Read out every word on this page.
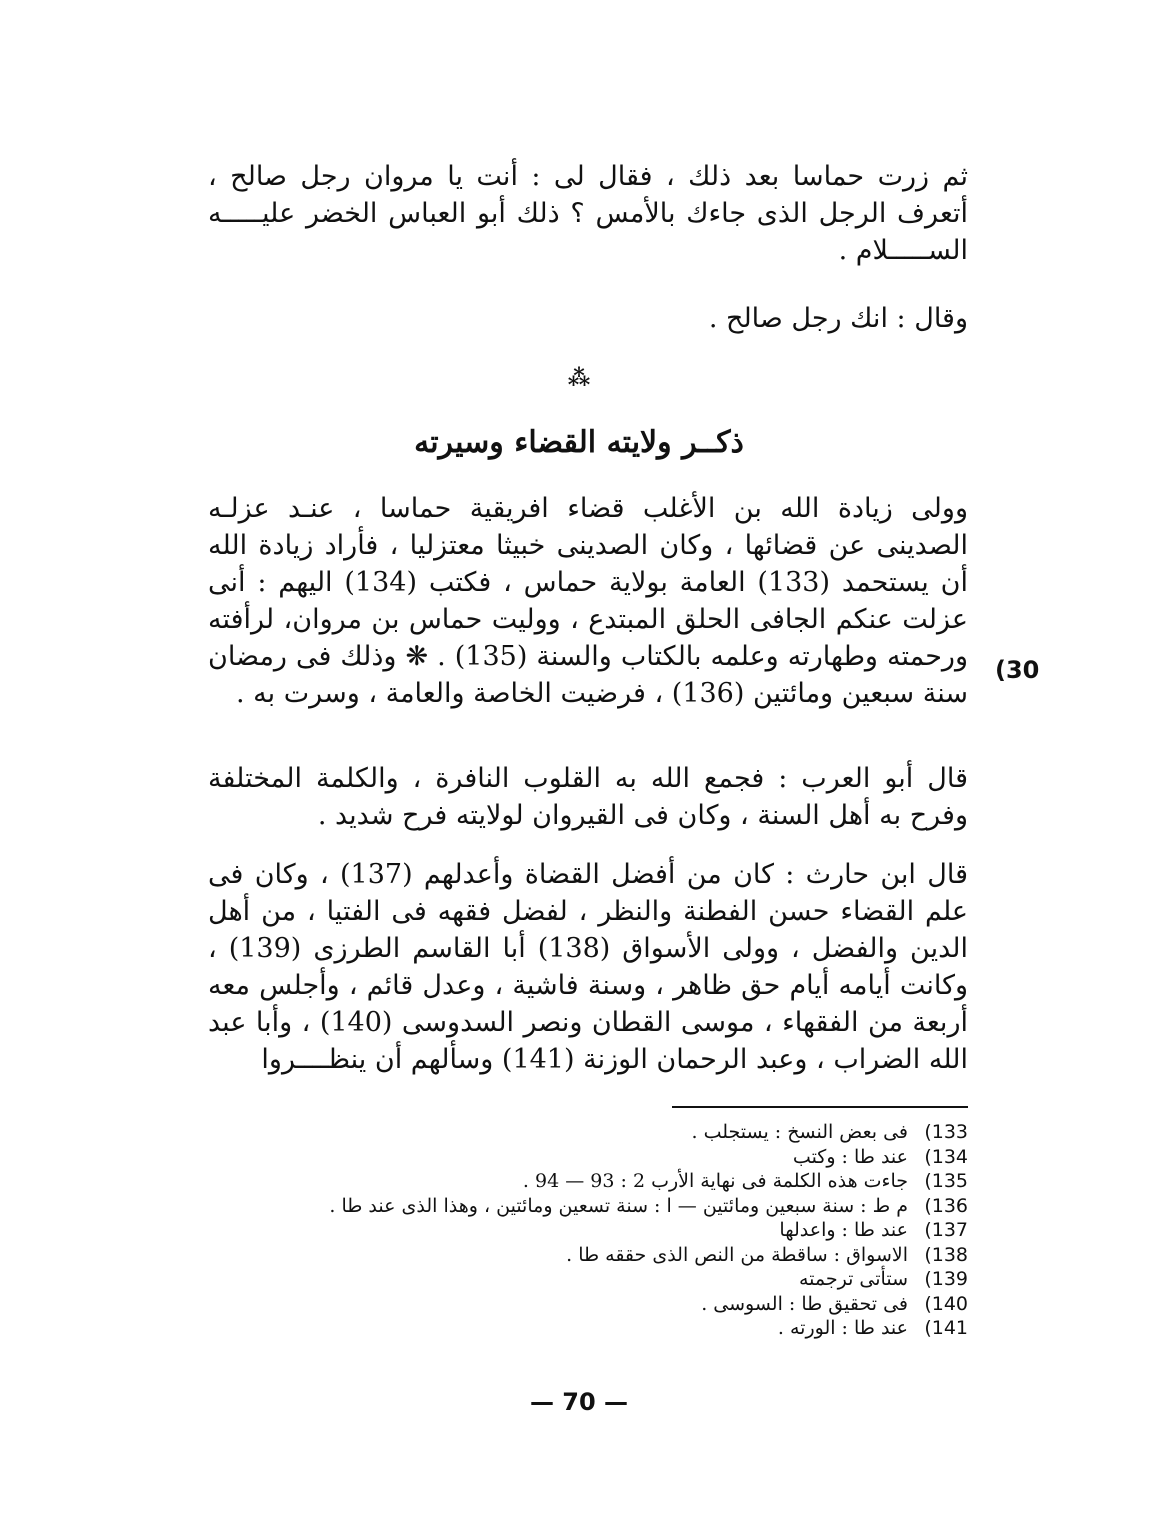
ثم زرت حماسا بعد ذلك ، فقال لى : أنت يا مروان رجل صالح ، أتعرف الرجل الذى جاءك بالأمس ؟ ذلك أبو العباس الخضر عليـــــه الســـــلام .

وقال : انك رجل صالح .

⁂
ذكــر ولايته القضاء وسيرته

وولى زيادة الله بن الأغلب قضاء افريقية حماسا ، عنـد عزلـه الصدينى عن قضائها ، وكان الصدينى خبيثا معتزليا ، فأراد زيادة الله أن يستحمد (133) العامة بولاية حماس ، فكتب (134) اليهم : أنى عزلت عنكم الجافى الحلق المبتدع ، ووليت حماس بن مروان، لرأفته ورحمته وطهارته وعلمه بالكتاب والسنة (135) . ❋ وذلك فى رمضان سنة سبعين ومائتين (136) ، فرضيت الخاصة والعامة ، وسرت به .

(30

قال أبو العرب : فجمع الله به القلوب النافرة ، والكلمة المختلفة وفرح به أهل السنة ، وكان فى القيروان لولايته فرح شديد .

قال ابن حارث : كان من أفضل القضاة وأعدلهم (137) ، وكان فى علم القضاء حسن الفطنة والنظر ، لفضل فقهه فى الفتيا ، من أهل الدين والفضل ، وولى الأسواق (138) أبا القاسم الطرزى (139) ، وكانت أيامه أيام حق ظاهر ، وسنة فاشية ، وعدل قائم ، وأجلس معه أربعة من الفقهاء ، موسى القطان ونصر السدوسى (140) ، وأبا عبد الله الضراب ، وعبد الرحمان الوزنة (141) وسألهم أن ينظــــروا

133)
فى بعض النسخ : يستجلب .
134)
عند طا : وكتب
135)
جاءت هذه الكلمة فى نهاية الأرب 2 : 93 — 94 .
136)
م ط : سنة سبعين ومائتين — ا : سنة تسعين ومائتين ، وهذا الذى عند طا .
137)
عند طا : واعدلها
138)
الاسواق : ساقطة من النص الذى حققه طا .
139)
ستأتى ترجمته
140)
فى تحقيق طا : السوسى .
141)
عند طا : الورته .
— 70 —
